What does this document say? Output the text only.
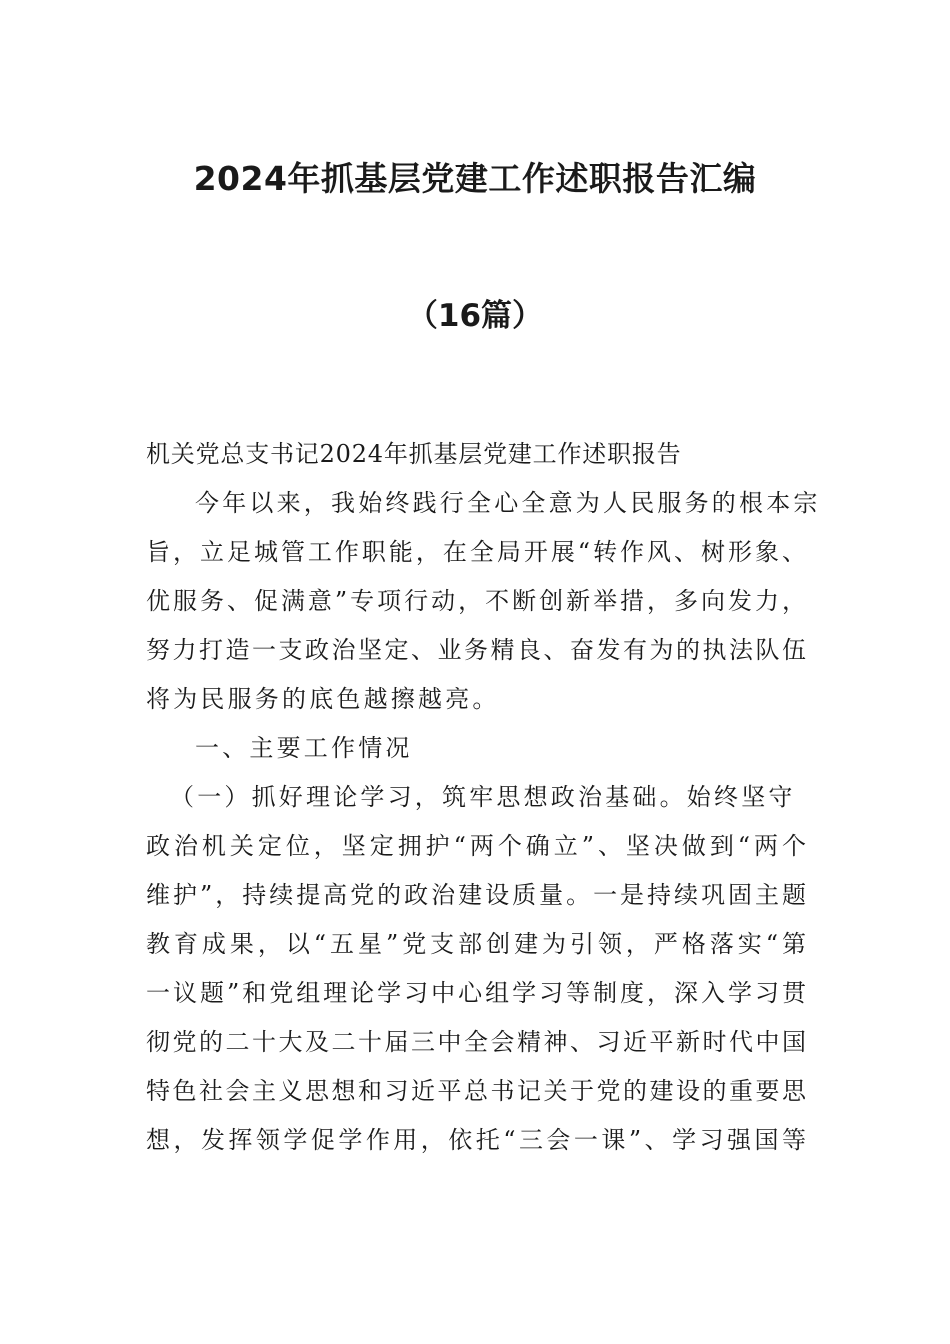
2024年抓基层党建工作述职报告汇编
（16篇）
机关党总支书记2024年抓基层党建工作述职报告
今年以来，我始终践行全心全意为人民服务的根本宗
旨，立足城管工作职能，在全局开展“转作风、树形象、
优服务、促满意”专项行动，不断创新举措，多向发力，
努力打造一支政治坚定、业务精良、奋发有为的执法队伍
将为民服务的底色越擦越亮。
一、主要工作情况
（一）抓好理论学习，筑牢思想政治基础。始终坚守
政治机关定位，坚定拥护“两个确立”、坚决做到“两个
维护”，持续提高党的政治建设质量。一是持续巩固主题
教育成果，以“五星”党支部创建为引领，严格落实“第
一议题”和党组理论学习中心组学习等制度，深入学习贯
彻党的二十大及二十届三中全会精神、习近平新时代中国
特色社会主义思想和习近平总书记关于党的建设的重要思
想，发挥领学促学作用，依托“三会一课”、学习强国等
